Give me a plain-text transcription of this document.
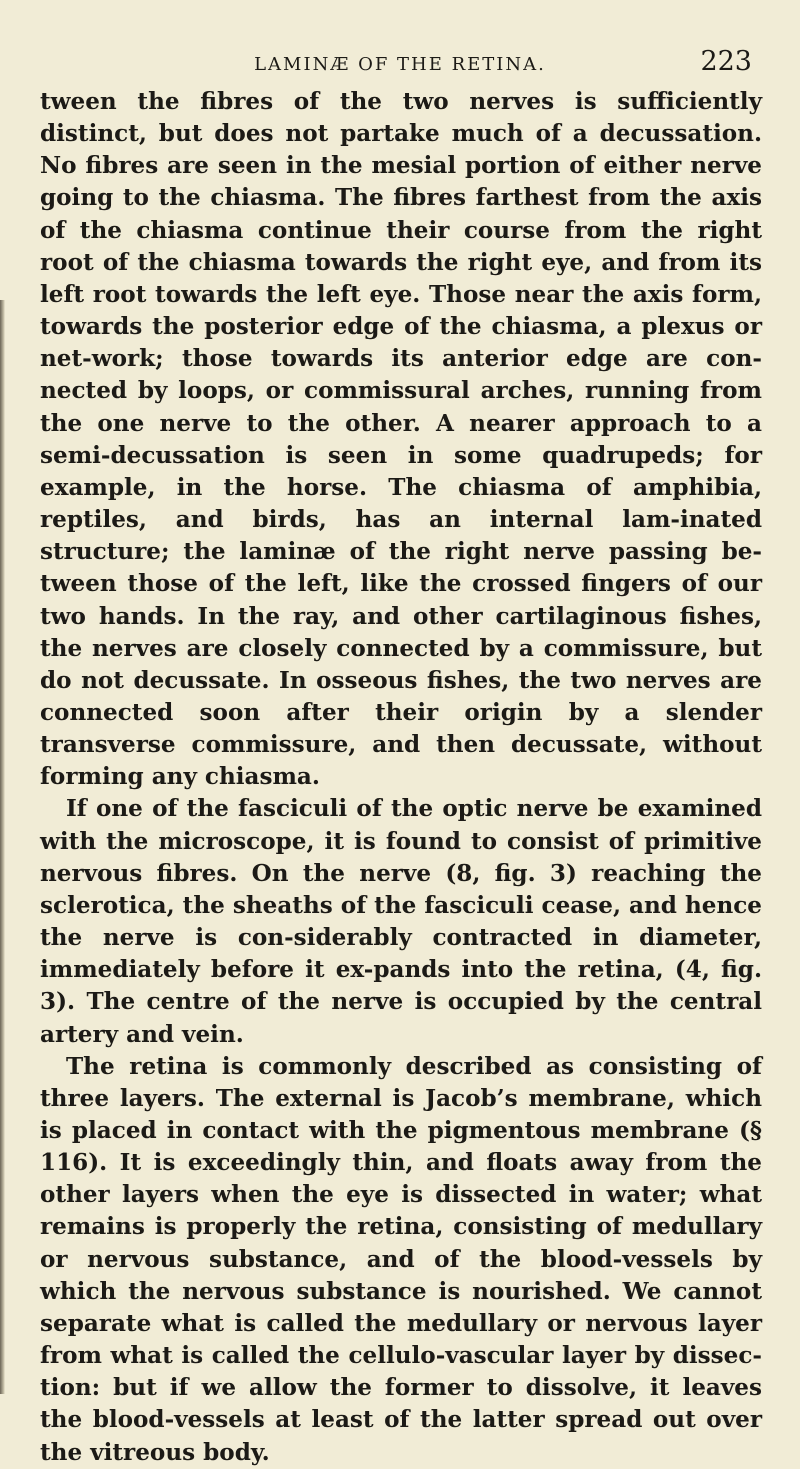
LAMINÆ OF THE RETINA.	223

tween the fibres of the two nerves is sufficiently distinct, but does not partake much of a decussation. No fibres are seen in the mesial portion of either nerve going to the chiasma. The fibres farthest from the axis of the chiasma continue their course from the right root of the chiasma towards the right eye, and from its left root towards the left eye. Those near the axis form, towards the posterior edge of the chiasma, a plexus or net-work; those towards its anterior edge are con-nected by loops, or commissural arches, running from the one nerve to the other. A nearer approach to a semi-decussation is seen in some quadrupeds; for example, in the horse. The chiasma of amphibia, reptiles, and birds, has an internal lam-inated structure; the laminæ of the right nerve passing be-tween those of the left, like the crossed fingers of our two hands. In the ray, and other cartilaginous fishes, the nerves are closely connected by a commissure, but do not decussate. In osseous fishes, the two nerves are connected soon after their origin by a slender transverse commissure, and then decussate, without forming any chiasma.

If one of the fasciculi of the optic nerve be examined with the microscope, it is found to consist of primitive nervous fibres. On the nerve (8, fig. 3) reaching the sclerotica, the sheaths of the fasciculi cease, and hence the nerve is con-siderably contracted in diameter, immediately before it ex-pands into the retina, (4, fig. 3). The centre of the nerve is occupied by the central artery and vein.

The retina is commonly described as consisting of three layers. The external is Jacob’s membrane, which is placed in contact with the pigmentous membrane (§ 116). It is exceedingly thin, and floats away from the other layers when the eye is dissected in water; what remains is properly the retina, consisting of medullary or nervous substance, and of the blood-vessels by which the nervous substance is nourished. We cannot separate what is called the medullary or nervous layer from what is called the cellulo-vascular layer by dissec-tion: but if we allow the former to dissolve, it leaves the blood-vessels at least of the latter spread out over the vitreous body.
